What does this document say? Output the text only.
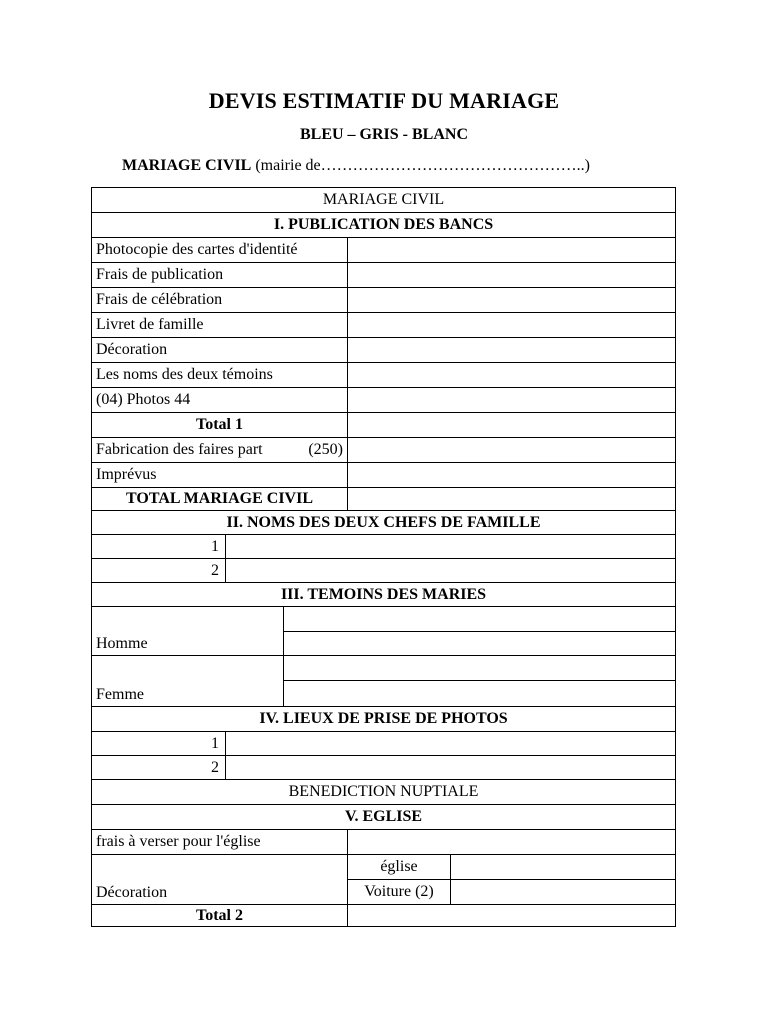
DEVIS ESTIMATIF DU MARIAGE
BLEU – GRIS - BLANC
MARIAGE CIVIL (mairie de…………………………………………..)
MARIAGE CIVIL
I. PUBLICATION DES BANCS
Photocopie des cartes d'identité
Frais de publication
Frais de célébration
Livret de famille
Décoration
Les noms des deux témoins
(04) Photos 44
Total 1
Fabrication des faires part	(250)
Imprévus
TOTAL MARIAGE CIVIL
II. NOMS DES DEUX CHEFS DE FAMILLE
1
2
III. TEMOINS DES MARIES
Homme
Femme
IV. LIEUX DE PRISE DE PHOTOS
1
2
BENEDICTION NUPTIALE
V. EGLISE
frais à verser pour l'église
Décoration
église
Voiture (2)
Total 2
